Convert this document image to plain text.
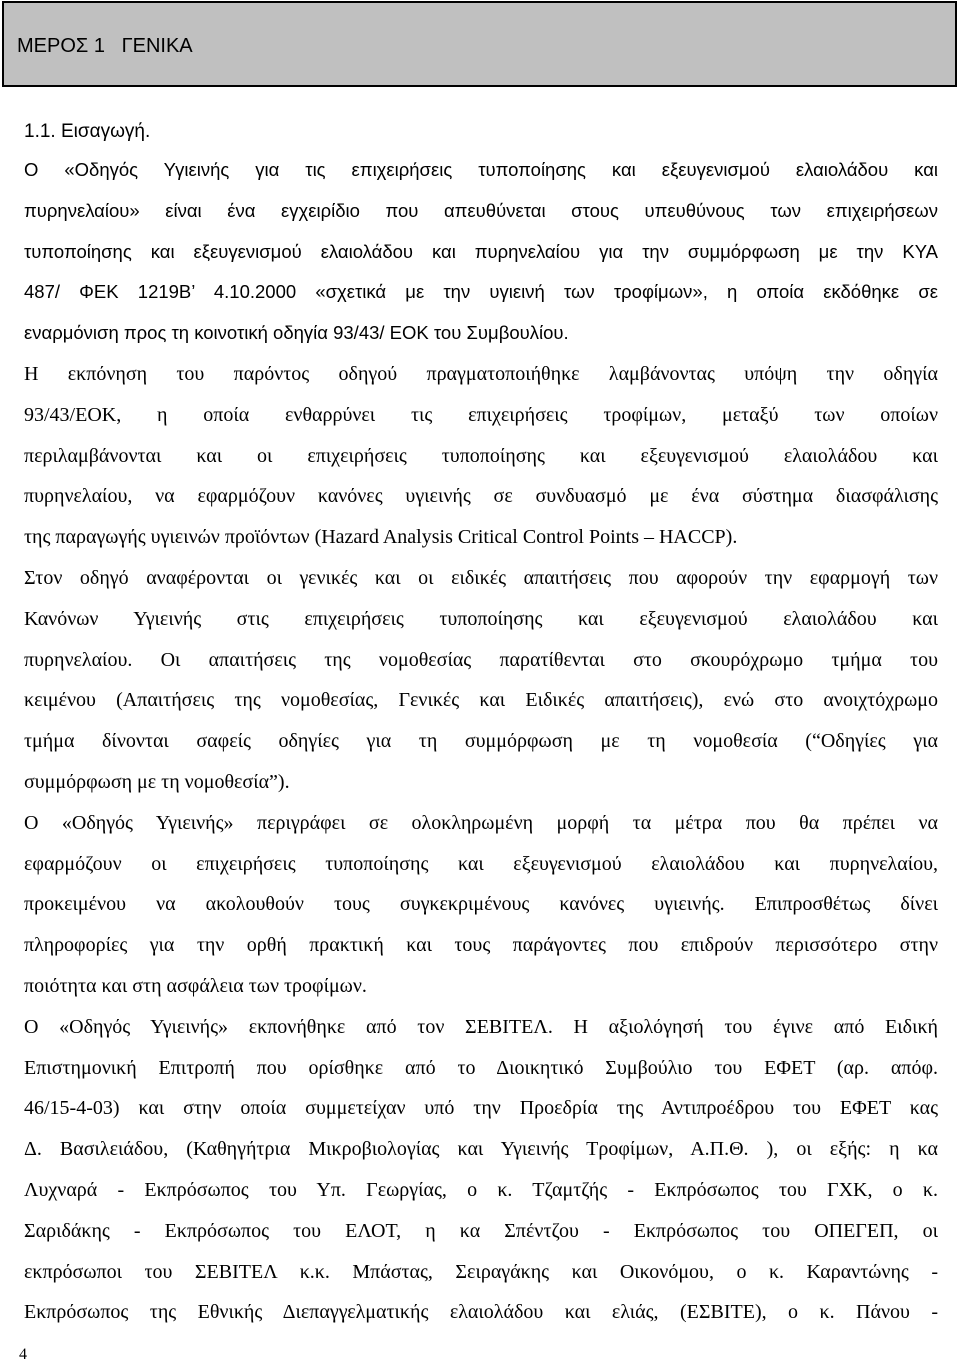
ΜΕΡΟΣ 1   ΓΕΝΙΚΑ
1.1. Εισαγωγή.
Ο «Οδηγός Υγιεινής για τις επιχειρήσεις τυποποίησης και εξευγενισμού ελαιολάδου και
πυρηνελαίου» είναι ένα εγχειρίδιο που απευθύνεται στους υπευθύνους των επιχειρήσεων
τυποποίησης και εξευγενισμού ελαιολάδου και πυρηνελαίου για την συμμόρφωση με την ΚΥΑ
487/ ΦΕΚ 1219Β’ 4.10.2000 «σχετικά με την υγιεινή των τροφίμων», η οποία εκδόθηκε σε
εναρμόνιση προς τη κοινοτική οδηγία 93/43/ ΕΟΚ του Συμβουλίου.
Η εκπόνηση του παρόντος οδηγού πραγματοποιήθηκε λαμβάνοντας υπόψη την οδηγία
93/43/ΕΟΚ, η οποία ενθαρρύνει τις επιχειρήσεις τροφίμων, μεταξύ των οποίων
περιλαμβάνονται και οι επιχειρήσεις τυποποίησης και εξευγενισμού ελαιολάδου και
πυρηνελαίου, να εφαρμόζουν κανόνες υγιεινής σε συνδυασμό με ένα σύστημα διασφάλισης
της παραγωγής υγιεινών προϊόντων (Hazard Analysis Critical Control Points – HACCP).
Στον οδηγό αναφέρονται οι γενικές και οι ειδικές απαιτήσεις που αφορούν την εφαρμογή των
Κανόνων Υγιεινής στις επιχειρήσεις τυποποίησης και εξευγενισμού ελαιολάδου και
πυρηνελαίου. Οι απαιτήσεις της νομοθεσίας παρατίθενται στο σκουρόχρωμο τμήμα του
κειμένου (Απαιτήσεις της νομοθεσίας, Γενικές και Ειδικές απαιτήσεις), ενώ στο ανοιχτόχρωμο
τμήμα δίνονται σαφείς οδηγίες για τη συμμόρφωση με τη νομοθεσία (“Οδηγίες για
συμμόρφωση με τη νομοθεσία”).
Ο «Οδηγός Υγιεινής» περιγράφει σε ολοκληρωμένη μορφή τα μέτρα που θα πρέπει να
εφαρμόζουν οι επιχειρήσεις τυποποίησης και εξευγενισμού ελαιολάδου και πυρηνελαίου,
προκειμένου να ακολουθούν τους συγκεκριμένους κανόνες υγιεινής. Επιπροσθέτως δίνει
πληροφορίες για την ορθή πρακτική και τους παράγοντες που επιδρούν περισσότερο στην
ποιότητα και στη ασφάλεια των τροφίμων.
Ο «Οδηγός Υγιεινής» εκπονήθηκε από τον ΣΕΒΙΤΕΛ. Η αξιολόγησή του έγινε από Ειδική
Επιστημονική Επιτροπή που ορίσθηκε από το Διοικητικό Συμβούλιο του ΕΦΕΤ (αρ. απόφ.
46/15-4-03) και στην οποία συμμετείχαν υπό την Προεδρία της Αντιπροέδρου του ΕΦΕΤ κας
Δ. Βασιλειάδου, (Καθηγήτρια Μικροβιολογίας και Υγιεινής Τροφίμων, Α.Π.Θ. ), οι εξής: η κα
Λυχναρά - Εκπρόσωπος του Υπ. Γεωργίας, ο κ. Τζαμτζής - Εκπρόσωπος του ΓΧΚ, ο κ.
Σαριδάκης - Εκπρόσωπος του ΕΛΟΤ, η κα Σπέντζου - Εκπρόσωπος του ΟΠΕΓΕΠ, οι
εκπρόσωποι του ΣΕΒΙΤΕΛ κ.κ. Μπάστας, Σειραγάκης και Οικονόμου, ο κ. Καραντώνης -
Εκπρόσωπος της Εθνικής Διεπαγγελματικής ελαιολάδου και ελιάς, (ΕΣΒΙΤΕ), ο κ. Πάνου -
4
